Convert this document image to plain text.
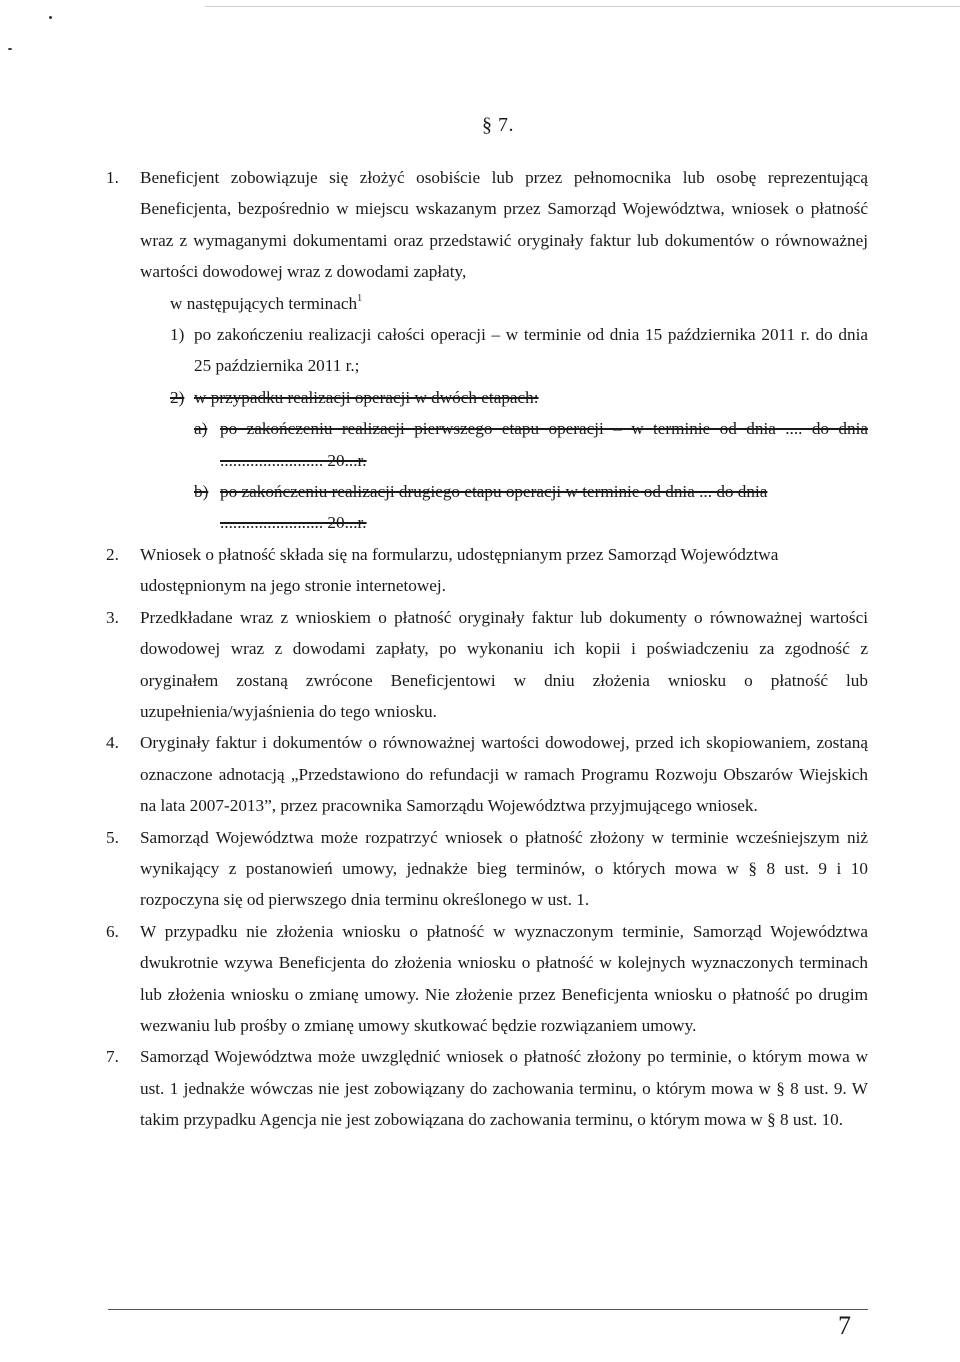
§ 7.
1.	Beneficjent zobowiązuje się złożyć osobiście lub przez pełnomocnika lub osobę reprezentującą Beneficjenta, bezpośrednio w miejscu wskazanym przez Samorząd Województwa, wniosek o płatność wraz z wymaganymi dokumentami oraz przedstawić oryginały faktur lub dokumentów o równoważnej wartości dowodowej wraz z dowodami zapłaty,

w następujących terminach$^1$
1) po zakończeniu realizacji całości operacji – w terminie od dnia 15 października 2011 r. do dnia 25 października 2011 r.;
2) w przypadku realizacji operacji w dwóch etapach:
a) po zakończeniu realizacji pierwszego etapu operacji – w terminie od dnia .... do dnia ........................ 20...r.
b) po zakończeniu realizacji drugiego etapu operacji w terminie od dnia ... do dnia
........................ 20...r.
2.	Wniosek o płatność składa się na formularzu, udostępnianym przez Samorząd Województwa udostępnionym na jego stronie internetowej.
3.	Przedkładane wraz z wnioskiem o płatność oryginały faktur lub dokumenty o równoważnej wartości dowodowej wraz z dowodami zapłaty, po wykonaniu ich kopii i poświadczeniu za zgodność z oryginałem zostaną zwrócone Beneficjentowi w dniu złożenia wniosku o płatność lub uzupełnienia/wyjaśnienia do tego wniosku.
4.	Oryginały faktur i dokumentów o równoważnej wartości dowodowej, przed ich skopiowaniem, zostaną oznaczone adnotacją „Przedstawiono do refundacji w ramach Programu Rozwoju Obszarów Wiejskich na lata 2007-2013”, przez pracownika Samorządu Województwa przyjmującego wniosek.
5.	Samorząd Województwa może rozpatrzyć wniosek o płatność złożony w terminie wcześniejszym niż wynikający z postanowień umowy, jednakże bieg terminów, o których mowa w § 8 ust. 9 i 10 rozpoczyna się od pierwszego dnia terminu określonego w ust. 1.
6.	W przypadku nie złożenia wniosku o płatność w wyznaczonym terminie, Samorząd Województwa dwukrotnie wzywa Beneficjenta do złożenia wniosku o płatność w kolejnych wyznaczonych terminach lub złożenia wniosku o zmianę umowy. Nie złożenie przez Beneficjenta wniosku o płatność po drugim wezwaniu lub prośby o zmianę umowy skutkować będzie rozwiązaniem umowy.
7.	Samorząd Województwa może uwzględnić wniosek o płatność złożony po terminie, o którym mowa w ust. 1 jednakże wówczas nie jest zobowiązany do zachowania terminu, o którym mowa w § 8 ust. 9. W takim przypadku Agencja nie jest zobowiązana do zachowania terminu, o którym mowa w § 8 ust. 10.
7
